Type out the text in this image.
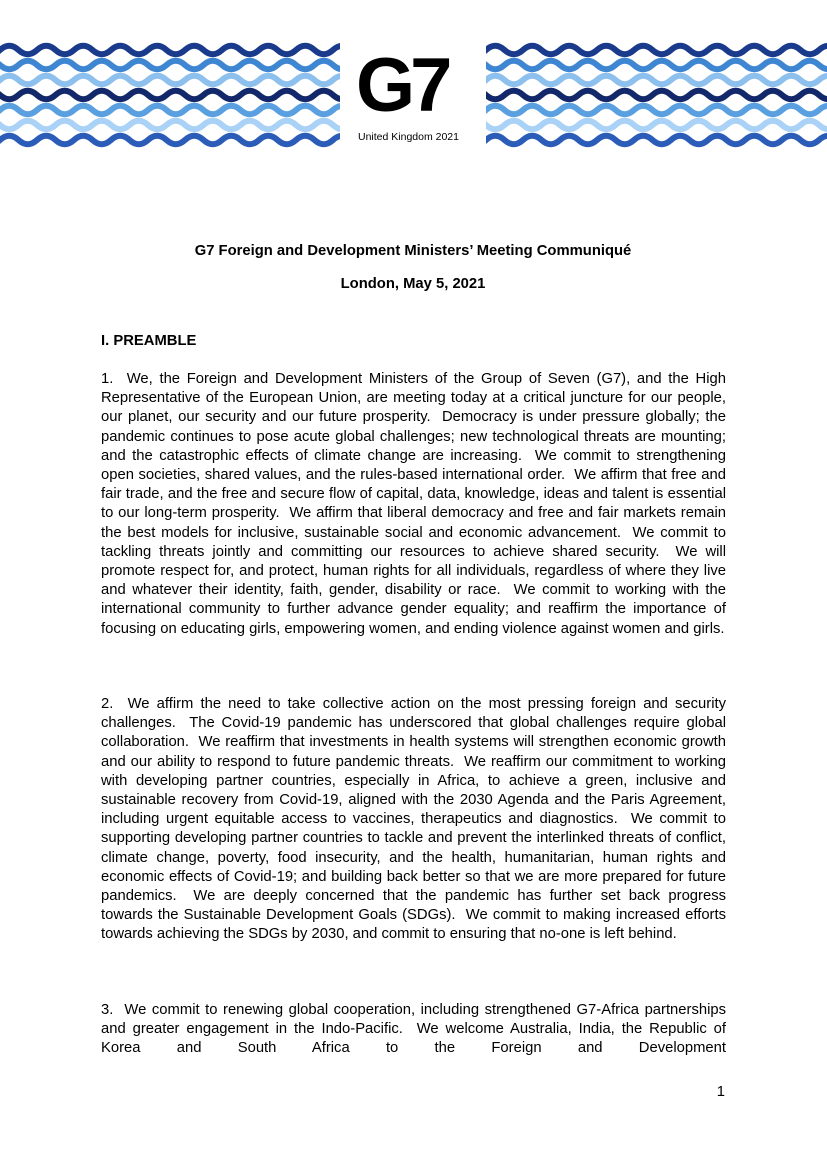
G7
United Kingdom 2021
G7 Foreign and Development Ministers’ Meeting Communiqué
London, May 5, 2021
I. PREAMBLE

1.  We, the Foreign and Development Ministers of the Group of Seven (G7), and the High Representative of the European Union, are meeting today at a critical juncture for our people, our planet, our security and our future prosperity.  Democracy is under pressure globally; the pandemic continues to pose acute global challenges; new technological threats are mounting; and the catastrophic effects of climate change are increasing.  We commit to strengthening open societies, shared values, and the rules-based international order.  We affirm that free and fair trade, and the free and secure flow of capital, data, knowledge, ideas and talent is essential to our long-term prosperity.  We affirm that liberal democracy and free and fair markets remain the best models for inclusive, sustainable social and economic advancement.  We commit to tackling threats jointly and committing our resources to achieve shared security.  We will promote respect for, and protect, human rights for all individuals, regardless of where they live and whatever their identity, faith, gender, disability or race.  We commit to working with the international community to further advance gender equality; and reaffirm the importance of focusing on educating girls, empowering women, and ending violence against women and girls.

2.  We affirm the need to take collective action on the most pressing foreign and security challenges.  The Covid-19 pandemic has underscored that global challenges require global collaboration.  We reaffirm that investments in health systems will strengthen economic growth and our ability to respond to future pandemic threats.  We reaffirm our commitment to working with developing partner countries, especially in Africa, to achieve a green, inclusive and sustainable recovery from Covid-19, aligned with the 2030 Agenda and the Paris Agreement, including urgent equitable access to vaccines, therapeutics and diagnostics.  We commit to supporting developing partner countries to tackle and prevent the interlinked threats of conflict, climate change, poverty, food insecurity, and the health, humanitarian, human rights and economic effects of Covid-19; and building back better so that we are more prepared for future pandemics.  We are deeply concerned that the pandemic has further set back progress towards the Sustainable Development Goals (SDGs).  We commit to making increased efforts towards achieving the SDGs by 2030, and commit to ensuring that no-one is left behind.

3.  We commit to renewing global cooperation, including strengthened G7-Africa partnerships and greater engagement in the Indo-Pacific.  We welcome Australia, India, the Republic of Korea and South Africa to the Foreign and Development

1
